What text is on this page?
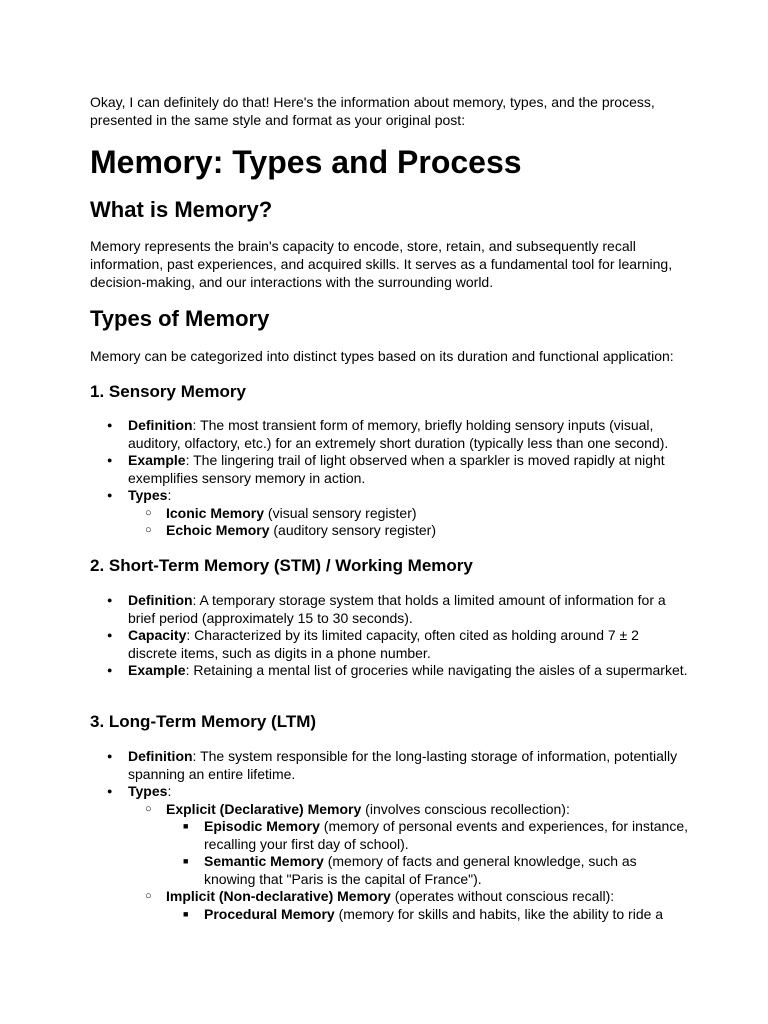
Okay, I can definitely do that! Here's the information about memory, types, and the process, presented in the same style and format as your original post:

Memory: Types and Process
What is Memory?

Memory represents the brain's capacity to encode, store, retain, and subsequently recall information, past experiences, and acquired skills. It serves as a fundamental tool for learning, decision-making, and our interactions with the surrounding world.

Types of Memory

Memory can be categorized into distinct types based on its duration and functional application:

1. Sensory Memory
● Definition: The most transient form of memory, briefly holding sensory inputs (visual, auditory, olfactory, etc.) for an extremely short duration (typically less than one second).
● Example: The lingering trail of light observed when a sparkler is moved rapidly at night exemplifies sensory memory in action.
● Types:
○ Iconic Memory (visual sensory register)
○ Echoic Memory (auditory sensory register)
2. Short-Term Memory (STM) / Working Memory
● Definition: A temporary storage system that holds a limited amount of information for a brief period (approximately 15 to 30 seconds).
● Capacity: Characterized by its limited capacity, often cited as holding around 7 ± 2 discrete items, such as digits in a phone number.
● Example: Retaining a mental list of groceries while navigating the aisles of a supermarket.
3. Long-Term Memory (LTM)
● Definition: The system responsible for the long-lasting storage of information, potentially spanning an entire lifetime.
● Types:
○ Explicit (Declarative) Memory (involves conscious recollection):
■ Episodic Memory (memory of personal events and experiences, for instance, recalling your first day of school).
■ Semantic Memory (memory of facts and general knowledge, such as knowing that "Paris is the capital of France").
○ Implicit (Non-declarative) Memory (operates without conscious recall):
■ Procedural Memory (memory for skills and habits, like the ability to ride a
